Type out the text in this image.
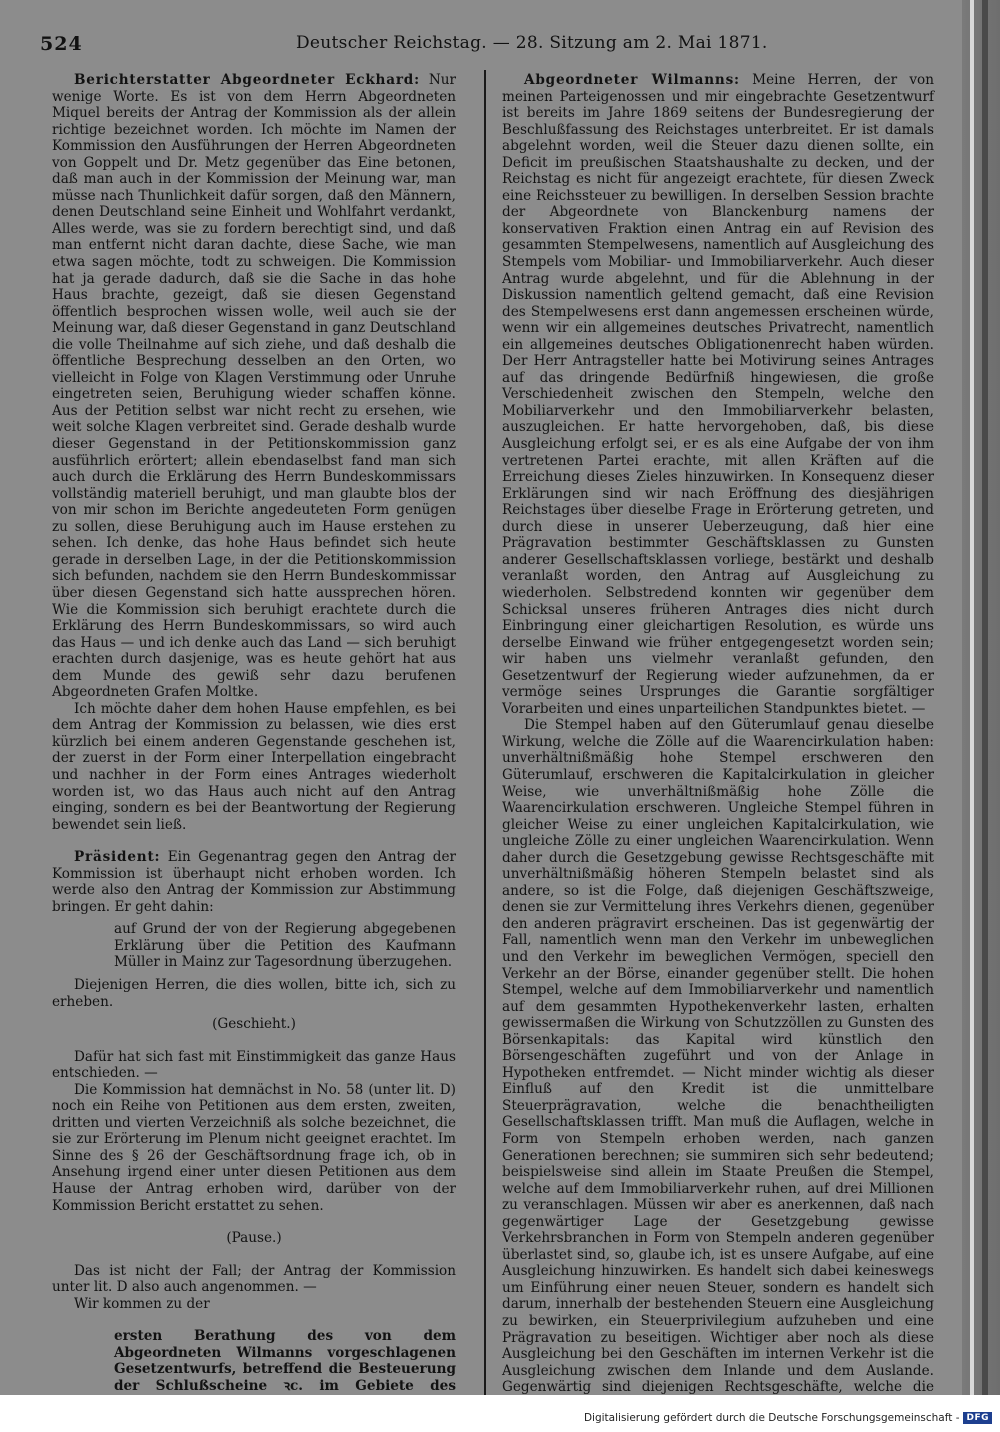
524	Deutscher Reichstag. — 28. Sitzung am 2. Mai 1871.

Berichterstatter Abgeordneter Eckhard: Nur wenige Worte. Es ist von dem Herrn Abgeordneten Miquel bereits der Antrag der Kommission als der allein richtige bezeichnet worden. Ich möchte im Namen der Kommission den Ausführungen der Herren Abgeordneten von Goppelt und Dr. Metz gegenüber das Eine betonen, daß man auch in der Kommission der Meinung war, man müsse nach Thunlichkeit dafür sorgen, daß den Männern, denen Deutschland seine Einheit und Wohlfahrt verdankt, Alles werde, was sie zu fordern berechtigt sind, und daß man entfernt nicht daran dachte, diese Sache, wie man etwa sagen möchte, todt zu schweigen. Die Kommission hat ja gerade dadurch, daß sie die Sache in das hohe Haus brachte, gezeigt, daß sie diesen Gegenstand öffentlich besprochen wissen wolle, weil auch sie der Meinung war, daß dieser Gegenstand in ganz Deutschland die volle Theilnahme auf sich ziehe, und daß deshalb die öffentliche Besprechung desselben an den Orten, wo vielleicht in Folge von Klagen Verstimmung oder Unruhe eingetreten seien, Beruhigung wieder schaffen könne. Aus der Petition selbst war nicht recht zu ersehen, wie weit solche Klagen verbreitet sind. Gerade deshalb wurde dieser Gegenstand in der Petitionskommission ganz ausführlich erörtert; allein ebendaselbst fand man sich auch durch die Erklärung des Herrn Bundeskommissars vollständig materiell beruhigt, und man glaubte blos der von mir schon im Berichte angedeuteten Form genügen zu sollen, diese Beruhigung auch im Hause erstehen zu sehen. Ich denke, das hohe Haus befindet sich heute gerade in derselben Lage, in der die Petitionskommission sich befunden, nachdem sie den Herrn Bundeskommissar über diesen Gegenstand sich hatte aussprechen hören. Wie die Kommission sich beruhigt erachtete durch die Erklärung des Herrn Bundeskommissars, so wird auch das Haus — und ich denke auch das Land — sich beruhigt erachten durch dasjenige, was es heute gehört hat aus dem Munde des gewiß sehr dazu berufenen Abgeordneten Grafen Moltke.

Ich möchte daher dem hohen Hause empfehlen, es bei dem Antrag der Kommission zu belassen, wie dies erst kürzlich bei einem anderen Gegenstande geschehen ist, der zuerst in der Form einer Interpellation eingebracht und nachher in der Form eines Antrages wiederholt worden ist, wo das Haus auch nicht auf den Antrag einging, sondern es bei der Beantwortung der Regierung bewendet sein ließ.

Präsident: Ein Gegenantrag gegen den Antrag der Kommission ist überhaupt nicht erhoben worden. Ich werde also den Antrag der Kommission zur Abstimmung bringen. Er geht dahin:

auf Grund der von der Regierung abgegebenen Erklärung über die Petition des Kaufmann Müller in Mainz zur Tagesordnung überzugehen.

Diejenigen Herren, die dies wollen, bitte ich, sich zu erheben.

(Geschieht.)

Dafür hat sich fast mit Einstimmigkeit das ganze Haus entschieden. —

Die Kommission hat demnächst in No. 58 (unter lit. D) noch ein Reihe von Petitionen aus dem ersten, zweiten, dritten und vierten Verzeichniß als solche bezeichnet, die sie zur Erörterung im Plenum nicht geeignet erachtet. Im Sinne des § 26 der Geschäftsordnung frage ich, ob in Ansehung irgend einer unter diesen Petitionen aus dem Hause der Antrag erhoben wird, darüber von der Kommission Bericht erstattet zu sehen.

(Pause.)

Das ist nicht der Fall; der Antrag der Kommission unter lit. D also auch angenommen. —

Wir kommen zu der

ersten Berathung des von dem Abgeordneten Wilmanns vorgeschlagenen Gesetzentwurfs, betreffend die Besteuerung der Schlußscheine ꝛc. im Gebiete des

Abgeordneter Wilmanns: Meine Herren, der von meinen Parteigenossen und mir eingebrachte Gesetzentwurf ist bereits im Jahre 1869 seitens der Bundesregierung der Beschlußfassung des Reichstages unterbreitet. Er ist damals abgelehnt worden, weil die Steuer dazu dienen sollte, ein Deficit im preußischen Staatshaushalte zu decken, und der Reichstag es nicht für angezeigt erachtete, für diesen Zweck eine Reichssteuer zu bewilligen. In derselben Session brachte der Abgeordnete von Blanckenburg namens der konservativen Fraktion einen Antrag ein auf Revision des gesammten Stempelwesens, namentlich auf Ausgleichung des Stempels vom Mobiliar- und Immobiliarverkehr. Auch dieser Antrag wurde abgelehnt, und für die Ablehnung in der Diskussion namentlich geltend gemacht, daß eine Revision des Stempelwesens erst dann angemessen erscheinen würde, wenn wir ein allgemeines deutsches Privatrecht, namentlich ein allgemeines deutsches Obligationenrecht haben würden. Der Herr Antragsteller hatte bei Motivirung seines Antrages auf das dringende Bedürfniß hingewiesen, die große Verschiedenheit zwischen den Stempeln, welche den Mobiliarverkehr und den Immobiliarverkehr belasten, auszugleichen. Er hatte hervorgehoben, daß, bis diese Ausgleichung erfolgt sei, er es als eine Aufgabe der von ihm vertretenen Partei erachte, mit allen Kräften auf die Erreichung dieses Zieles hinzuwirken. In Konsequenz dieser Erklärungen sind wir nach Eröffnung des diesjährigen Reichstages über dieselbe Frage in Erörterung getreten, und durch diese in unserer Ueberzeugung, daß hier eine Prägravation bestimmter Geschäftsklassen zu Gunsten anderer Gesellschaftsklassen vorliege, bestärkt und deshalb veranlaßt worden, den Antrag auf Ausgleichung zu wiederholen. Selbstredend konnten wir gegenüber dem Schicksal unseres früheren Antrages dies nicht durch Einbringung einer gleichartigen Resolution, es würde uns derselbe Einwand wie früher entgegengesetzt worden sein; wir haben uns vielmehr veranlaßt gefunden, den Gesetzentwurf der Regierung wieder aufzunehmen, da er vermöge seines Ursprunges die Garantie sorgfältiger Vorarbeiten und eines unparteilichen Standpunktes bietet. —

Die Stempel haben auf den Güterumlauf genau dieselbe Wirkung, welche die Zölle auf die Waarencirkulation haben: unverhältnißmäßig hohe Stempel erschweren den Güterumlauf, erschweren die Kapitalcirkulation in gleicher Weise, wie unverhältnißmäßig hohe Zölle die Waarencirkulation erschweren. Ungleiche Stempel führen in gleicher Weise zu einer ungleichen Kapitalcirkulation, wie ungleiche Zölle zu einer ungleichen Waarencirkulation. Wenn daher durch die Gesetzgebung gewisse Rechtsgeschäfte mit unverhältnißmäßig höheren Stempeln belastet sind als andere, so ist die Folge, daß diejenigen Geschäftszweige, denen sie zur Vermittelung ihres Verkehrs dienen, gegenüber den anderen prägravirt erscheinen. Das ist gegenwärtig der Fall, namentlich wenn man den Verkehr im unbeweglichen und den Verkehr im beweglichen Vermögen, speciell den Verkehr an der Börse, einander gegenüber stellt. Die hohen Stempel, welche auf dem Immobiliarverkehr und namentlich auf dem gesammten Hypothekenverkehr lasten, erhalten gewissermaßen die Wirkung von Schutzzöllen zu Gunsten des Börsenkapitals: das Kapital wird künstlich den Börsengeschäften zugeführt und von der Anlage in Hypotheken entfremdet. — Nicht minder wichtig als dieser Einfluß auf den Kredit ist die unmittelbare Steuerprägravation, welche die benachtheiligten Gesellschaftsklassen trifft. Man muß die Auflagen, welche in Form von Stempeln erhoben werden, nach ganzen Generationen berechnen; sie summiren sich sehr bedeutend; beispielsweise sind allein im Staate Preußen die Stempel, welche auf dem Immobiliarverkehr ruhen, auf drei Millionen zu veranschlagen. Müssen wir aber es anerkennen, daß nach gegenwärtiger Lage der Gesetzgebung gewisse Verkehrsbranchen in Form von Stempeln anderen gegenüber überlastet sind, so, glaube ich, ist es unsere Aufgabe, auf eine Ausgleichung hinzuwirken. Es handelt sich dabei keineswegs um Einführung einer neuen Steuer, sondern es handelt sich darum, innerhalb der bestehenden Steuern eine Ausgleichung zu bewirken, ein Steuerprivilegium aufzuheben und eine Prägravation zu beseitigen. Wichtiger aber noch als diese Ausgleichung bei den Geschäften im internen Verkehr ist die Ausgleichung zwischen dem Inlande und dem Auslande. Gegenwärtig sind diejenigen Rechtsgeschäfte, welche die

Digitalisierung gefördert durch die Deutsche Forschungsgemeinschaft - DFG
